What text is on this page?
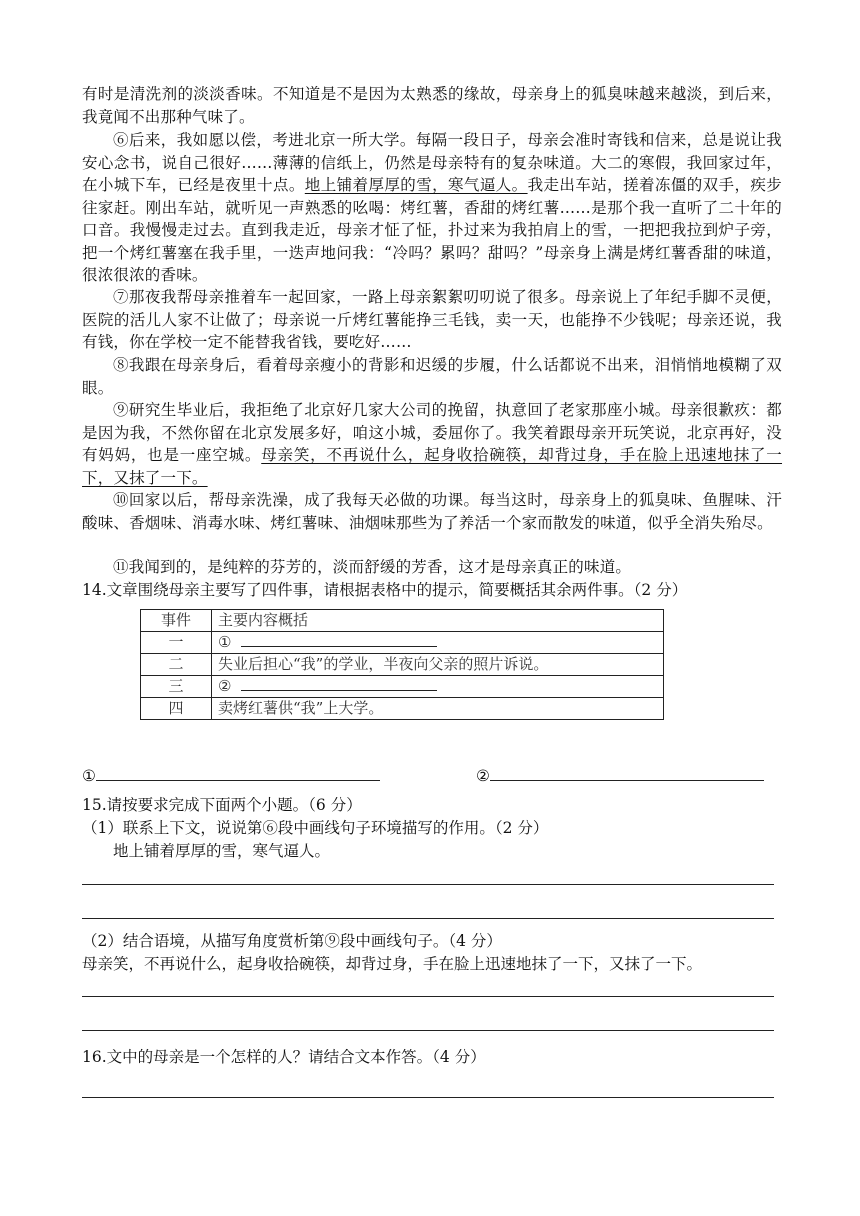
有时是清洗剂的淡淡香味。不知道是不是因为太熟悉的缘故，母亲身上的狐臭味越来越淡，到后来，我竟闻不出那种气味了。
⑥后来，我如愿以偿，考进北京一所大学。每隔一段日子，母亲会准时寄钱和信来，总是说让我安心念书，说自己很好……薄薄的信纸上，仍然是母亲特有的复杂味道。大二的寒假，我回家过年，在小城下车，已经是夜里十点。地上铺着厚厚的雪，寒气逼人。我走出车站，搓着冻僵的双手，疾步往家赶。刚出车站，就听见一声熟悉的吆喝：烤红薯，香甜的烤红薯……是那个我一直听了二十年的口音。我慢慢走过去。直到我走近，母亲才怔了怔，扑过来为我拍肩上的雪，一把把我拉到炉子旁，把一个烤红薯塞在我手里，一迭声地问我：“冷吗？累吗？甜吗？”母亲身上满是烤红薯香甜的味道，很浓很浓的香味。
⑦那夜我帮母亲推着车一起回家，一路上母亲絮絮叨叨说了很多。母亲说上了年纪手脚不灵便，医院的活儿人家不让做了；母亲说一斤烤红薯能挣三毛钱，卖一天，也能挣不少钱呢；母亲还说，我有钱，你在学校一定不能替我省钱，要吃好……
⑧我跟在母亲身后，看着母亲瘦小的背影和迟缓的步履，什么话都说不出来，泪悄悄地模糊了双眼。
⑨研究生毕业后，我拒绝了北京好几家大公司的挽留，执意回了老家那座小城。母亲很歉疚：都是因为我，不然你留在北京发展多好，咱这小城，委屈你了。我笑着跟母亲开玩笑说，北京再好，没有妈妈，也是一座空城。母亲笑，不再说什么，起身收拾碗筷，却背过身，手在脸上迅速地抹了一下，又抹了一下。
⑩回家以后，帮母亲洗澡，成了我每天必做的功课。每当这时，母亲身上的狐臭味、鱼腥味、汗酸味、香烟味、消毒水味、烤红薯味、油烟味那些为了养活一个家而散发的味道，似乎全消失殆尽。
⑪我闻到的，是纯粹的芬芳的，淡而舒缓的芳香，这才是母亲真正的味道。
14.文章围绕母亲主要写了四件事，请根据表格中的提示，简要概括其余两件事。（2 分）
事件	主要内容概括
一	①
二	失业后担心“我”的学业，半夜向父亲的照片诉说。
三	②
四	卖烤红薯供“我”上大学。
①	②
15.请按要求完成下面两个小题。（6 分）
（1）联系上下文，说说第⑥段中画线句子环境描写的作用。（2 分）
地上铺着厚厚的雪，寒气逼人。
（2）结合语境，从描写角度赏析第⑨段中画线句子。（4 分）
母亲笑，不再说什么，起身收拾碗筷，却背过身，手在脸上迅速地抹了一下，又抹了一下。
16.文中的母亲是一个怎样的人？请结合文本作答。（4 分）
